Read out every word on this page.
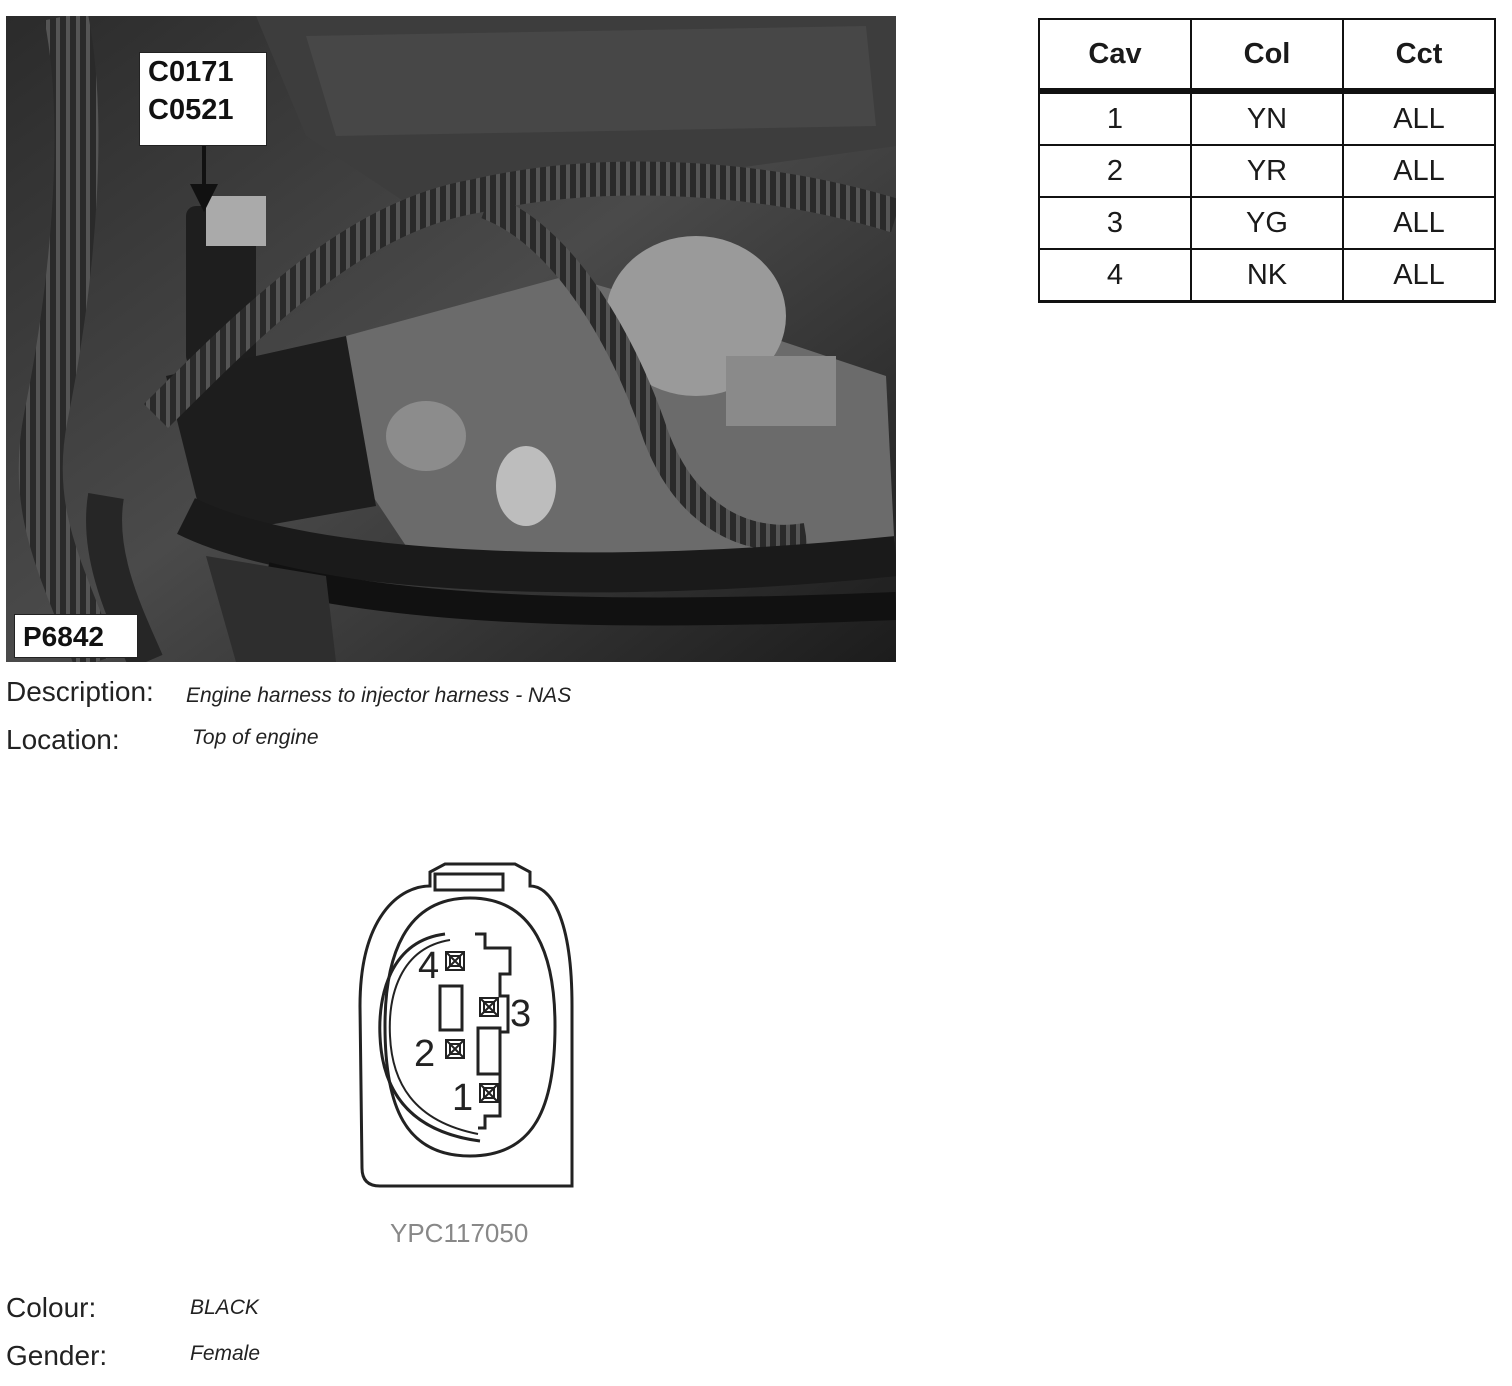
C0171
C0521
P6842
Cav	Col	Cct
1	YN	ALL
2	YR	ALL
3	YG	ALL
4	NK	ALL
Description: Engine harness to injector harness - NAS
Location:	Top of engine
4
3
2
1
YPC117050
Colour:	BLACK
Gender:	Female
